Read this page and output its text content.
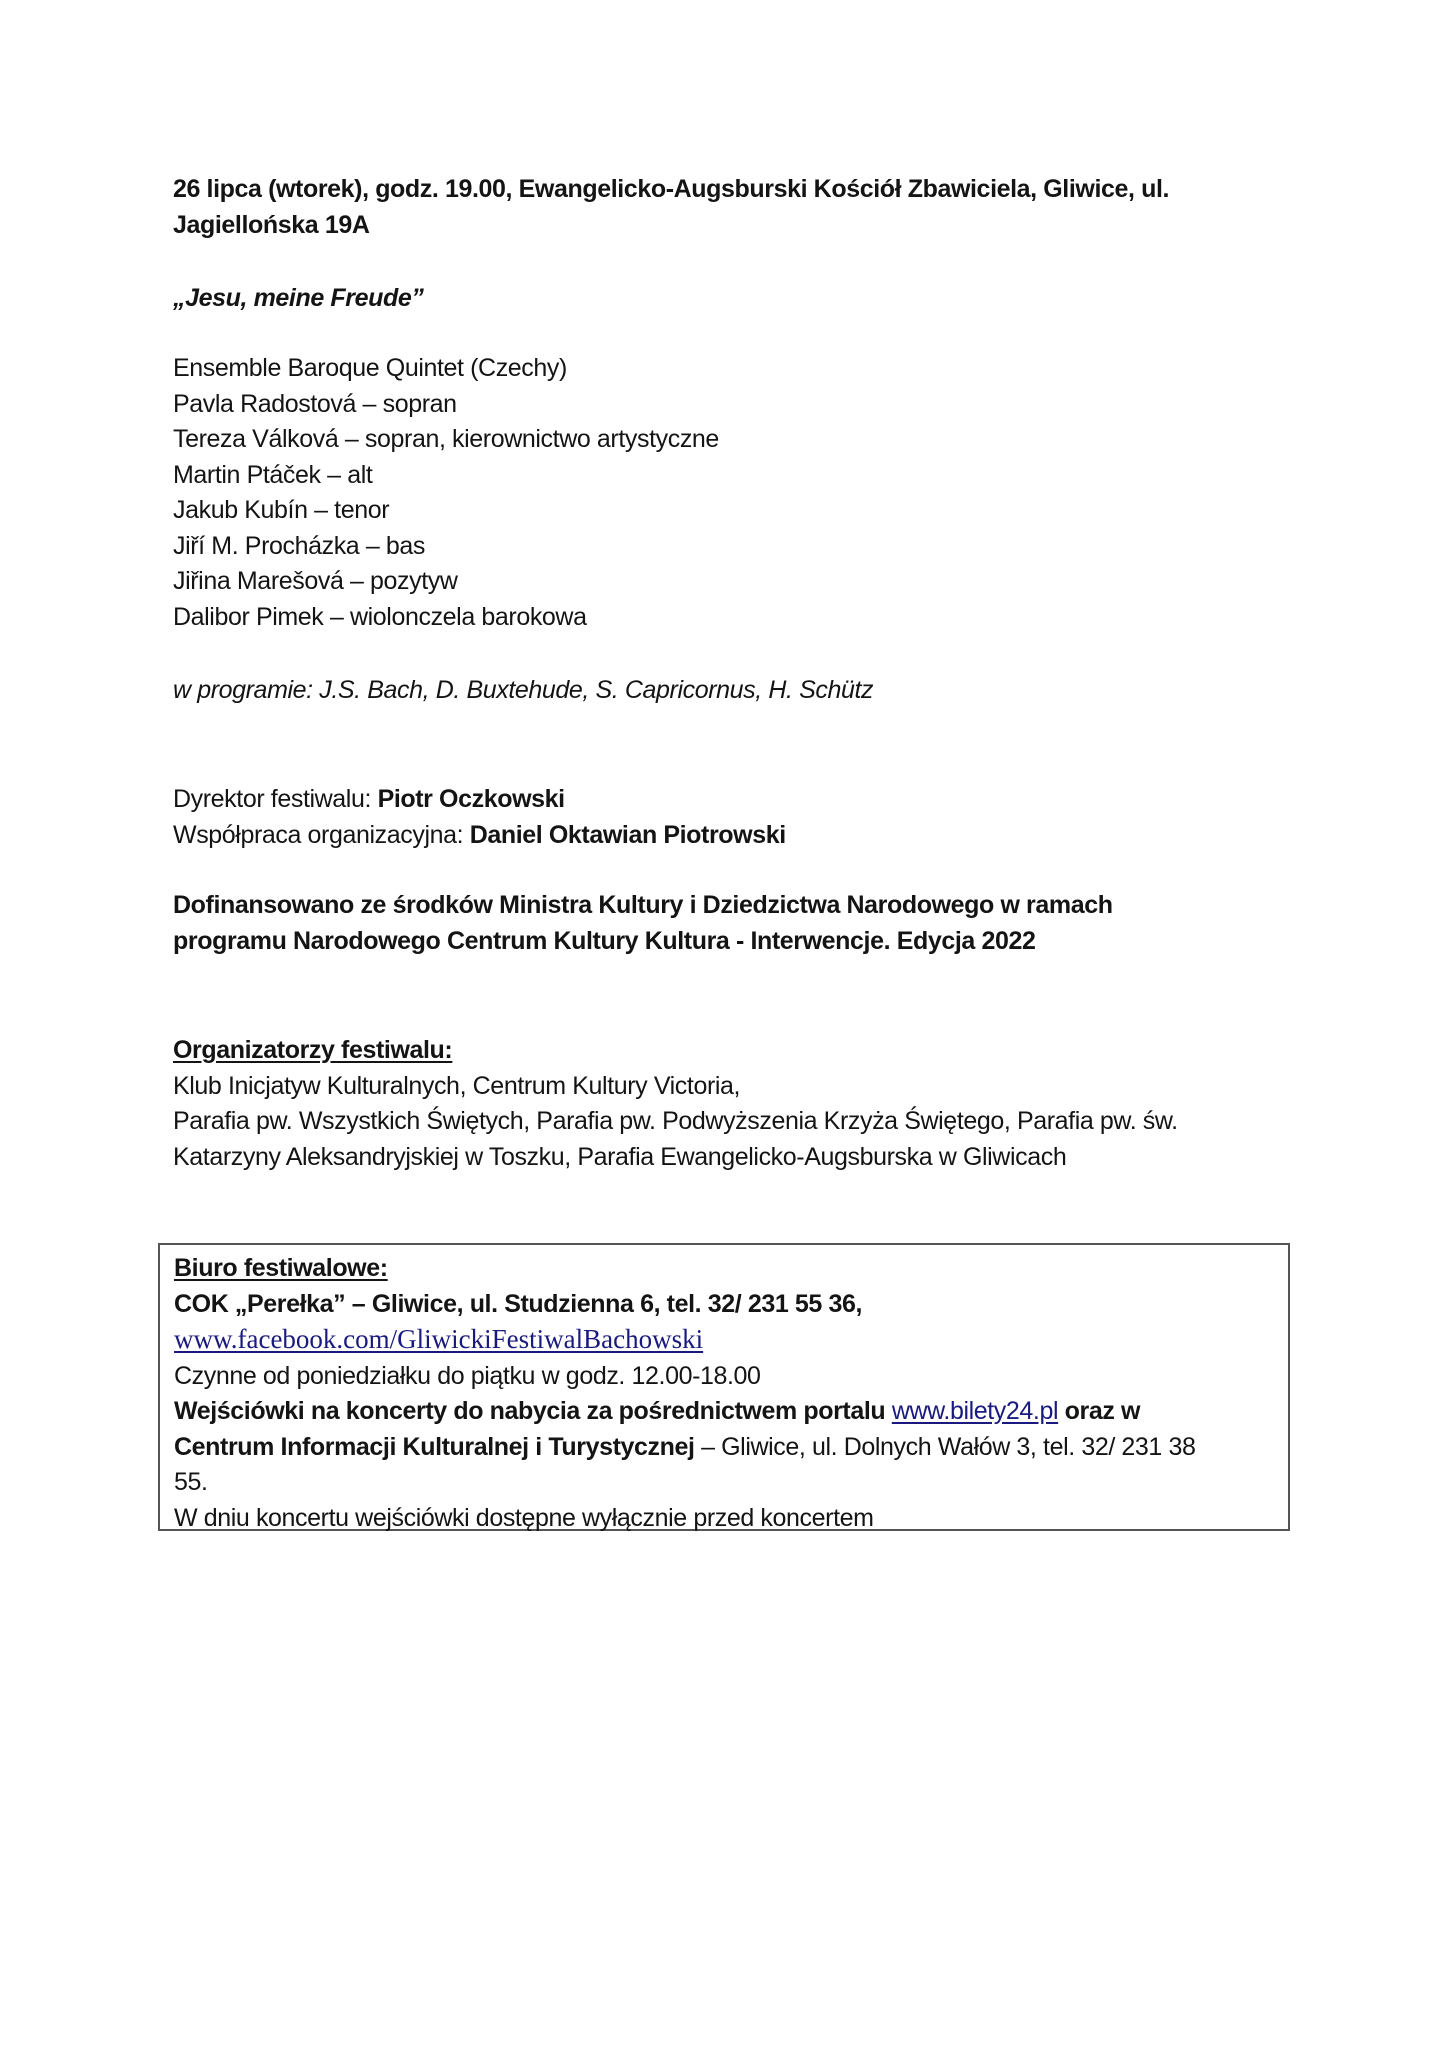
26 lipca (wtorek), godz. 19.00, Ewangelicko-Augsburski Kościół Zbawiciela, Gliwice, ul.
Jagiellońska 19A
„Jesu, meine Freude”
Ensemble Baroque Quintet (Czechy)
Pavla Radostová – sopran
Tereza Válková – sopran, kierownictwo artystyczne
Martin Ptáček – alt
Jakub Kubín – tenor
Jiří M. Procházka – bas
Jiřina Marešová – pozytyw
Dalibor Pimek – wiolonczela barokowa
w programie: J.S. Bach, D. Buxtehude, S. Capricornus, H. Schütz
Dyrektor festiwalu: Piotr Oczkowski
Współpraca organizacyjna: Daniel Oktawian Piotrowski
Dofinansowano ze środków Ministra Kultury i Dziedzictwa Narodowego w ramach
programu Narodowego Centrum Kultury Kultura - Interwencje. Edycja 2022
Organizatorzy festiwalu:
Klub Inicjatyw Kulturalnych, Centrum Kultury Victoria,
Parafia pw. Wszystkich Świętych, Parafia pw. Podwyższenia Krzyża Świętego, Parafia pw. św.
Katarzyny Aleksandryjskiej w Toszku, Parafia Ewangelicko-Augsburska w Gliwicach
Biuro festiwalowe:
COK „Perełka” – Gliwice, ul. Studzienna 6, tel. 32/ 231 55 36,
www.facebook.com/GliwickiFestiwalBachowski
Czynne od poniedziałku do piątku w godz. 12.00-18.00
Wejściówki na koncerty do nabycia za pośrednictwem portalu www.bilety24.pl oraz w
Centrum Informacji Kulturalnej i Turystycznej – Gliwice, ul. Dolnych Wałów 3, tel. 32/ 231 38
55.
W dniu koncertu wejściówki dostępne wyłącznie przed koncertem
